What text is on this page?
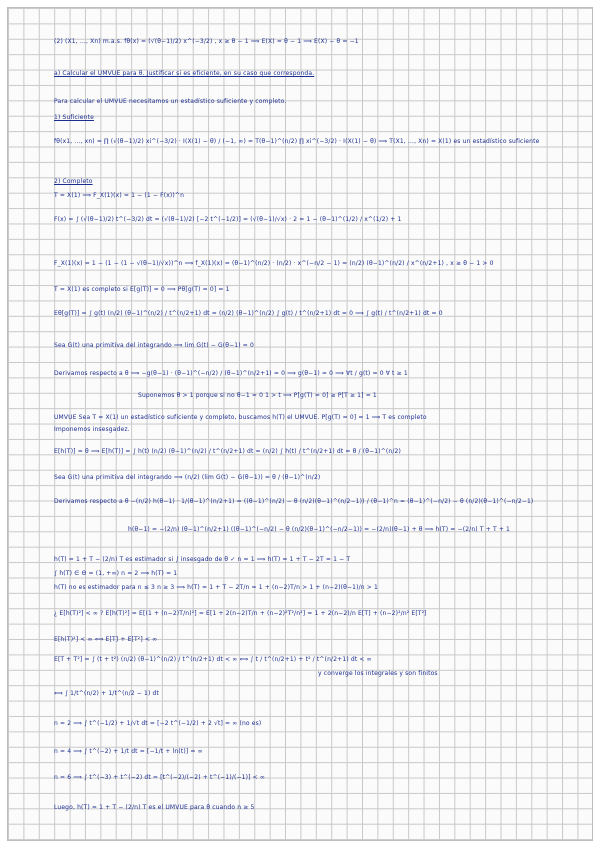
(2) (X1, …, Xn) m.a.s. fθ(x) = (√(θ−1)/2) x^(−3/2) , x ≥ θ − 1 ⟹ E(X) = θ − 1 ⟹ E(X) − θ = −1
a) Calcular el UMVUE para θ. Justificar si es eficiente, en su caso que corresponda.
Para calcular el UMVUE necesitamos un estadístico suficiente y completo.
1) Suficiente
fθ(x1, …, xn) = ∏ (√(θ−1)/2) xi^(−3/2) · I(X(1) − θ) / (−1, ∞) = T(θ−1)^(n/2) ∏ xi^(−3/2) · I(X(1) − θ) ⟹ T(X1, …, Xn) = X(1) es un estadístico suficiente
2) Completo
T = X(1) ⟹ F_X(1)(x) = 1 − (1 − F(x))^n
F(x) = ∫ (√(θ−1)/2) t^(−3/2) dt = (√(θ−1)/2) [−2 t^(−1/2)] = (√(θ−1)/√x) · 2 = 1 − (θ−1)^(1/2) / x^(1/2) + 1
F_X(1)(x) = 1 − (1 − (1 − √(θ−1)/√x))^n ⟹ f_X(1)(x) = (θ−1)^(n/2) · (n/2) · x^(−n/2 − 1) = (n/2) (θ−1)^(n/2) / x^(n/2+1) , x ≥ θ − 1 > 0
T = X(1) es completo si E[g(T)] = 0 ⟹ Pθ[g(T) = 0] = 1
Eθ[g(T)] = ∫ g(t) (n/2) (θ−1)^(n/2) / t^(n/2+1) dt = (n/2) (θ−1)^(n/2) ∫ g(t) / t^(n/2+1) dt = 0 ⟹ ∫ g(t) / t^(n/2+1) dt = 0
Sea G(t) una primitiva del integrando ⟹ lim G(t) − G(θ−1) = 0
Derivamos respecto a θ ⟹ −g(θ−1) · (θ−1)^(−n/2) / (θ−1)^(n/2+1) = 0 ⟹ g(θ−1) = 0 ⟹ ∀t / g(t) = 0 ∀ t ≥ 1
Suponemos θ > 1 porque si no θ−1 = 0 1 > t ⟹ P[g(T) = 0] ≥ P[T ≥ 1] = 1
UMVUE Sea T = X(1) un estadístico suficiente y completo, buscamos h(T) el UMVUE. P[g(T) = 0] = 1 ⟹ T es completo
Imponemos insesgadez.
E[h(T)] = θ ⟹ E[h(T)] = ∫ h(t) (n/2) (θ−1)^(n/2) / t^(n/2+1) dt = (n/2) ∫ h(t) / t^(n/2+1) dt = θ / (θ−1)^(n/2)
Sea G(t) una primitiva del integrando ⟹ (n/2) (lim G(t) − G(θ−1)) = θ / (θ−1)^(n/2)
Derivamos respecto a θ −(n/2) h(θ−1) · 1/(θ−1)^(n/2+1) = ((θ−1)^(n/2) − θ (n/2)(θ−1)^(n/2−1)) / (θ−1)^n = (θ−1)^(−n/2) − θ (n/2)(θ−1)^(−n/2−1)
h(θ−1) = −(2/n) (θ−1)^(n/2+1) ((θ−1)^(−n/2) − θ (n/2)(θ−1)^(−n/2−1)) = −(2/n)(θ−1) + θ ⟹ h(T) = −(2/n) T + T + 1
h(T) = 1 + T − (2/n) T es estimador si ∫ insesgado de θ ✓ n = 1 ⟹ h(T) = 1 + T − 2T = 1 − T
∫ h(T) ∈ Θ = (1, +∞) n = 2 ⟹ h(T) = 1
h(T) no es estimador para n ≤ 3 n ≥ 3 ⟹ h(T) = 1 + T − 2T/n = 1 + (n−2)T/n > 1 + (n−2)(θ−1)/n > 1
¿ E[h(T)²] < ∞ ? E[h(T)²] = E[(1 + (n−2)T/n)²] = E[1 + 2(n−2)T/n + (n−2)²T²/n²] = 1 + 2(n−2)/n E[T] + (n−2)²/n² E[T²]
E[h(T)²] < ∞ ⟺ E[T] + E[T²] < ∞
E[T + T²] = ∫ (t + t²) (n/2) (θ−1)^(n/2) / t^(n/2+1) dt < ∞ ⟺ ∫ t / t^(n/2+1) + t² / t^(n/2+1) dt < ∞
y converge los integrales y son finitos
⟺ ∫ 1/t^(n/2) + 1/t^(n/2 − 1) dt
n = 2 ⟹ ∫ t^(−1/2) + 1/√t dt = [−2 t^(−1/2) + 2 √t] = ∞ (no es)
n = 4 ⟹ ∫ t^(−2) + 1/t dt = [−1/t + ln(t)] = ∞
n = 6 ⟹ ∫ t^(−3) + t^(−2) dt = [t^(−2)/(−2) + t^(−1)/(−1)] < ∞
Luego, h(T) = 1 + T − (2/n) T es el UMVUE para θ cuando n ≥ 5
